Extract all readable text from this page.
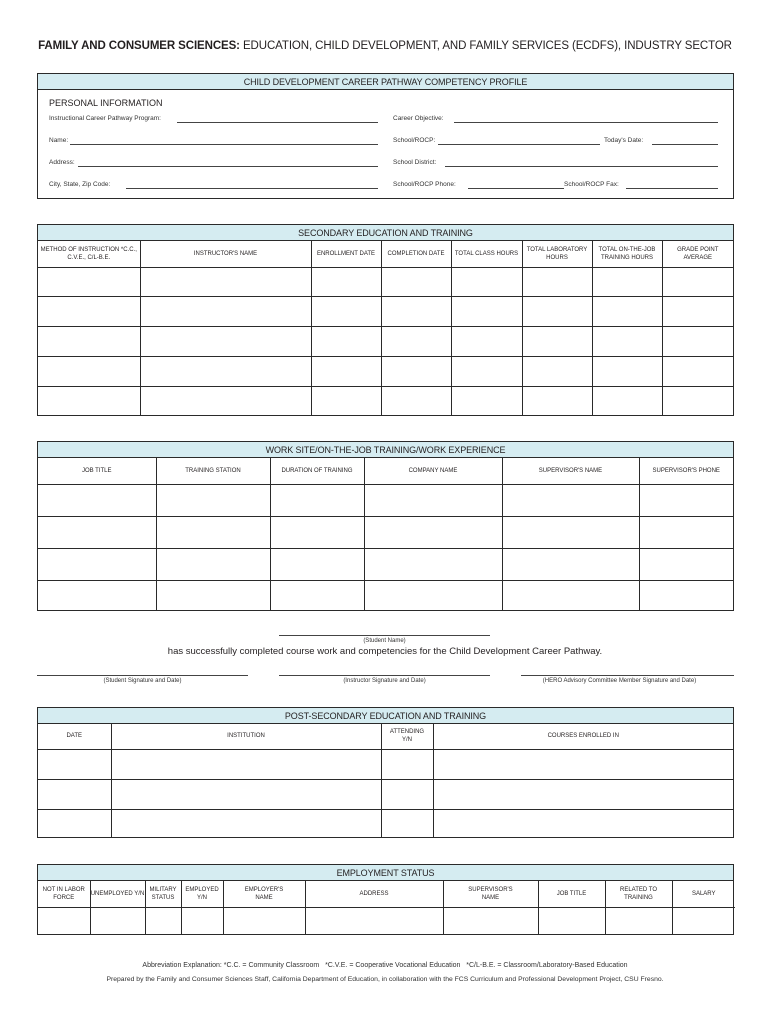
FAMILY AND CONSUMER SCIENCES: EDUCATION, CHILD DEVELOPMENT, AND FAMILY SERVICES (ECDFS), INDUSTRY SECTOR
CHILD DEVELOPMENT CAREER PATHWAY COMPETENCY PROFILE
PERSONAL INFORMATION
Instructional Career Pathway Program:
Name:
Address:
City, State, Zip Code:
Career Objective:
School/ROCP:	Today's Date:
School District:
School/ROCP Phone:	School/ROCP Fax:
SECONDARY EDUCATION AND TRAINING
METHOD OF INSTRUCTION *C.C., C.V.E., C/L-B.E.	INSTRUCTOR'S NAME	ENROLLMENT DATE	COMPLETION DATE	TOTAL CLASS HOURS	TOTAL LABORATORY HOURS	TOTAL ON-THE-JOB TRAINING HOURS	GRADE POINT AVERAGE

WORK SITE/ON-THE-JOB TRAINING/WORK EXPERIENCE
JOB TITLE	TRAINING STATION	DURATION OF TRAINING	COMPANY NAME	SUPERVISOR'S NAME	SUPERVISOR'S PHONE

(Student Name)
has successfully completed course work and competencies for the Child Development Career Pathway.
(Student Signature and Date)	(Instructor Signature and Date)	(HERO Advisory Committee Member Signature and Date)
POST-SECONDARY EDUCATION AND TRAINING
DATE	INSTITUTION	ATTENDING Y/N	COURSES ENROLLED IN

EMPLOYMENT STATUS
NOT IN LABOR FORCE	UNEMPLOYED Y/N	MILITARY STATUS	EMPLOYED Y/N	EMPLOYER'S NAME	ADDRESS	SUPERVISOR'S NAME	JOB TITLE	RELATED TO TRAINING	SALARY

Abbreviation Explanation: *C.C. = Community Classroom   *C.V.E. = Cooperative Vocational Education   *C/L-B.E. = Classroom/Laboratory-Based Education
Prepared by the Family and Consumer Sciences Staff, California Department of Education, in collaboration with the FCS Curriculum and Professional Development Project, CSU Fresno.
